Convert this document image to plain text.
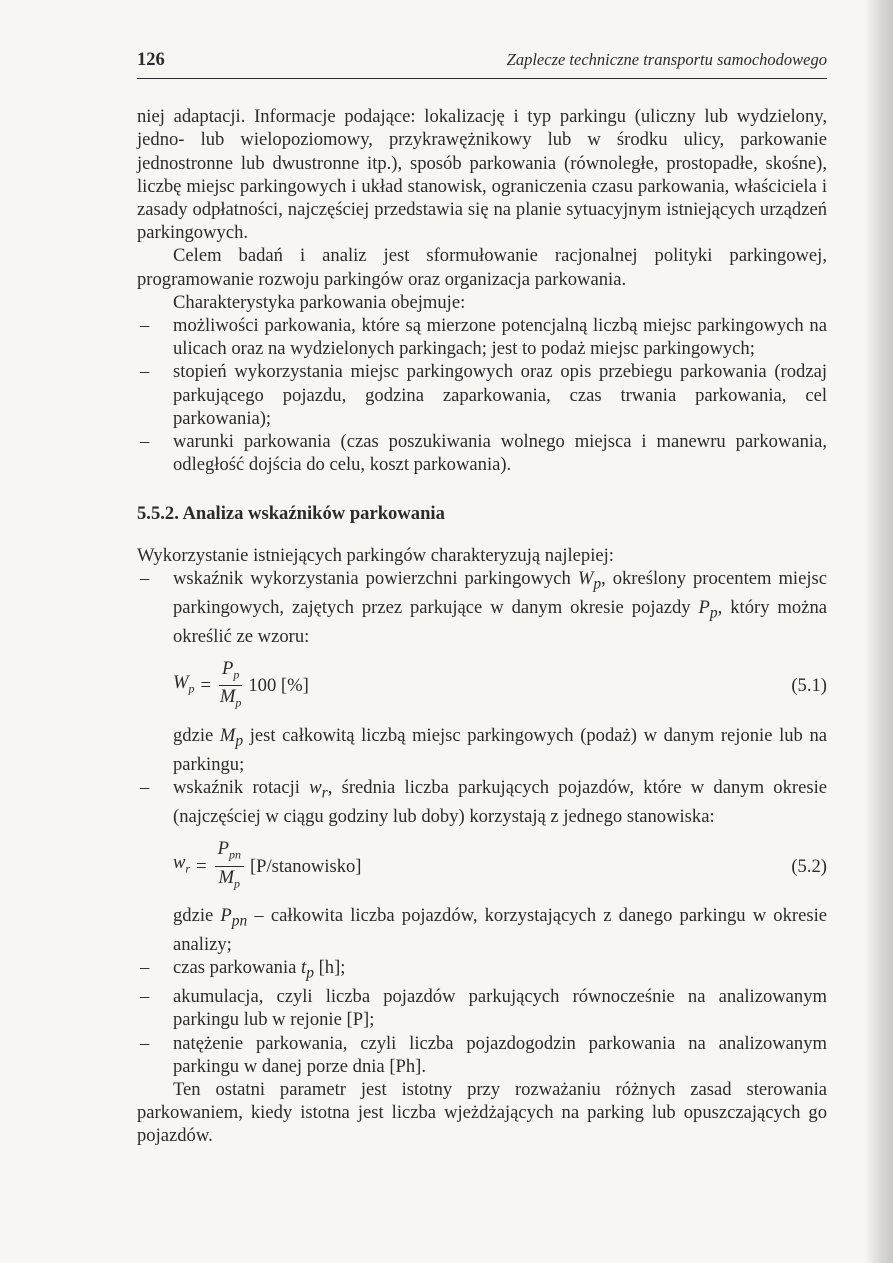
126	Zaplecze techniczne transportu samochodowego

niej adaptacji. Informacje podające: lokalizację i typ parkingu (uliczny lub wydzielony, jedno- lub wielopoziomowy, przykrawężnikowy lub w środku ulicy, parkowanie jednostronne lub dwustronne itp.), sposób parkowania (równoległe, prostopadłe, skośne), liczbę miejsc parkingowych i układ stanowisk, ograniczenia czasu parkowania, właściciela i zasady odpłatności, najczęściej przedstawia się na planie sytuacyjnym istniejących urządzeń parkingowych.

Celem badań i analiz jest sformułowanie racjonalnej polityki parkingowej, programowanie rozwoju parkingów oraz organizacja parkowania.

Charakterystyka parkowania obejmuje:

– możliwości parkowania, które są mierzone potencjalną liczbą miejsc parkingowych na ulicach oraz na wydzielonych parkingach; jest to podaż miejsc parkingowych;
– stopień wykorzystania miejsc parkingowych oraz opis przebiegu parkowania (rodzaj parkującego pojazdu, godzina zaparkowania, czas trwania parkowania, cel parkowania);
– warunki parkowania (czas poszukiwania wolnego miejsca i manewru parkowania, odległość dojścia do celu, koszt parkowania).
5.5.2. Analiza wskaźników parkowania

Wykorzystanie istniejących parkingów charakteryzują najlepiej:

– wskaźnik wykorzystania powierzchni parkingowych $W_p$, określony procentem miejsc parkingowych, zajętych przez parkujące w danym okresie pojazdy $P_p$, który można określić ze wzoru:
$W_p = \frac{P_p}{M_p} 100$ [%]	(5.1)
gdzie $M_p$ jest całkowitą liczbą miejsc parkingowych (podaż) w danym rejonie lub na parkingu;
– wskaźnik rotacji $w_r$, średnia liczba parkujących pojazdów, które w danym okresie (najczęściej w ciągu godziny lub doby) korzystają z jednego stanowiska:
$w_r = \frac{P_{pn}}{M_p}$ [P/stanowisko]	(5.2)
gdzie $P_{pn}$ – całkowita liczba pojazdów, korzystających z danego parkingu w okresie analizy;
– czas parkowania $t_p$ [h];
– akumulacja, czyli liczba pojazdów parkujących równocześnie na analizowanym parkingu lub w rejonie [P];
– natężenie parkowania, czyli liczba pojazdogodzin parkowania na analizowanym parkingu w danej porze dnia [Ph].

Ten ostatni parametr jest istotny przy rozważaniu różnych zasad sterowania parkowaniem, kiedy istotna jest liczba wjeżdżających na parking lub opuszczających go pojazdów.
